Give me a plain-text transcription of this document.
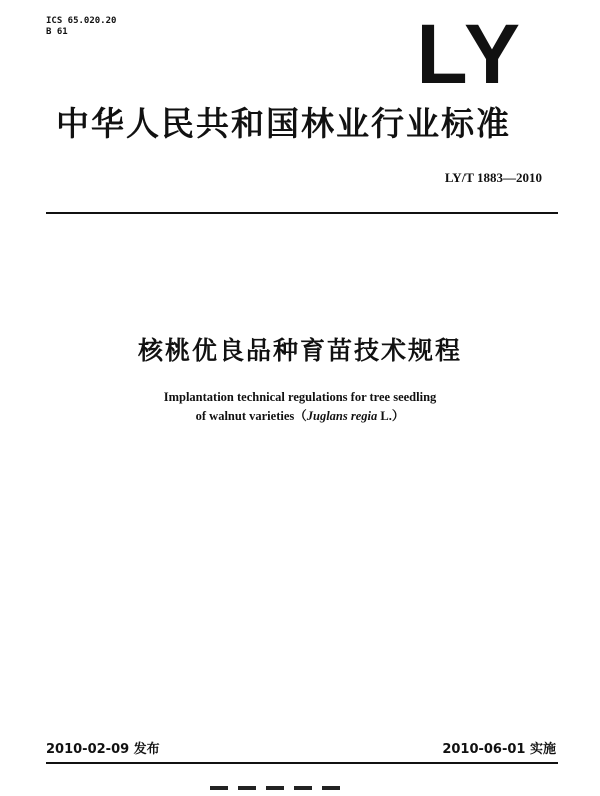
ICS 65.020.20
B 61	LY
中华人民共和国林业行业标准
LY/T 1883—2010
核桃优良品种育苗技术规程
Implantation technical regulations for tree seedling
of walnut varieties（Juglans regia L.）
2010-02-09 发布	2010-06-01 实施
